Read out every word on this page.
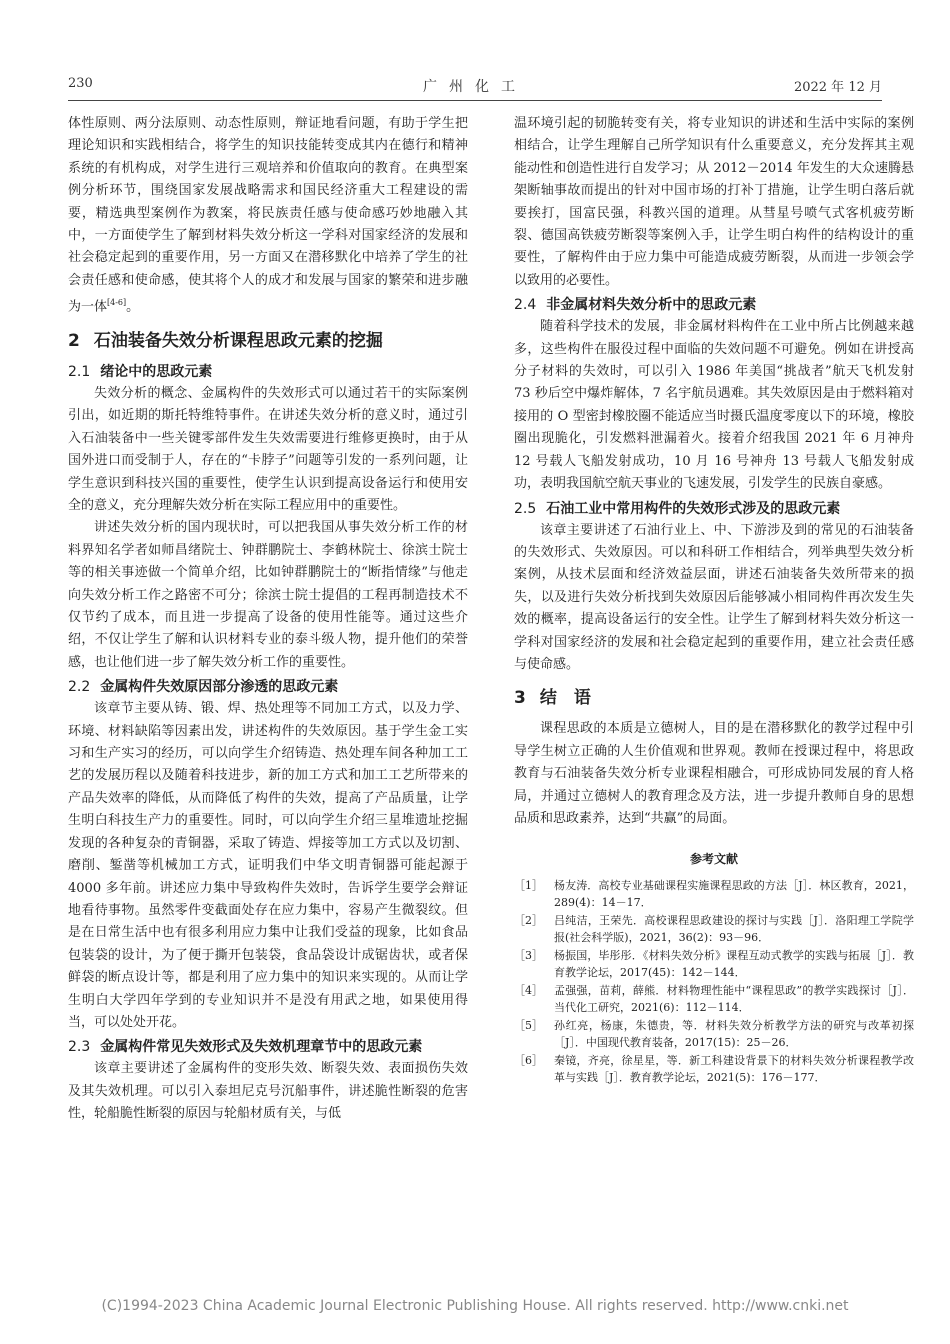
230	广州化工	2022 年 12 月

体性原则、两分法原则、动态性原则，辩证地看问题，有助于学生把理论知识和实践相结合，将学生的知识技能转变成其内在德行和精神系统的有机构成，对学生进行三观培养和价值取向的教育。在典型案例分析环节，围绕国家发展战略需求和国民经济重大工程建设的需要，精选典型案例作为教案，将民族责任感与使命感巧妙地融入其中，一方面使学生了解到材料失效分析这一学科对国家经济的发展和社会稳定起到的重要作用，另一方面又在潜移默化中培养了学生的社会责任感和使命感，使其将个人的成才和发展与国家的繁荣和进步融为一体[4-6]。

2 石油装备失效分析课程思政元素的挖掘
2.1 绪论中的思政元素

失效分析的概念、金属构件的失效形式可以通过若干的实际案例引出，如近期的斯托特维特事件。在讲述失效分析的意义时，通过引入石油装备中一些关键零部件发生失效需要进行维修更换时，由于从国外进口而受制于人，存在的“卡脖子”问题等引发的一系列问题，让学生意识到科技兴国的重要性，使学生认识到提高设备运行和使用安全的意义，充分理解失效分析在实际工程应用中的重要性。

讲述失效分析的国内现状时，可以把我国从事失效分析工作的材料界知名学者如师昌绪院士、钟群鹏院士、李鹤林院士、徐滨士院士等的相关事迹做一个简单介绍，比如钟群鹏院士的“断指情缘”与他走向失效分析工作之路密不可分；徐滨士院士提倡的工程再制造技术不仅节约了成本，而且进一步提高了设备的使用性能等。通过这些介绍，不仅让学生了解和认识材料专业的泰斗级人物，提升他们的荣誉感，也让他们进一步了解失效分析工作的重要性。

2.2 金属构件失效原因部分渗透的思政元素

该章节主要从铸、锻、焊、热处理等不同加工方式，以及力学、环境、材料缺陷等因素出发，讲述构件的失效原因。基于学生金工实习和生产实习的经历，可以向学生介绍铸造、热处理车间各种加工工艺的发展历程以及随着科技进步，新的加工方式和加工工艺所带来的产品失效率的降低，从而降低了构件的失效，提高了产品质量，让学生明白科技生产力的重要性。同时，可以向学生介绍三星堆遗址挖掘发现的各种复杂的青铜器，采取了铸造、焊接等加工方式以及切割、磨削、錾凿等机械加工方式，证明我们中华文明青铜器可能起源于 4000 多年前。讲述应力集中导致构件失效时，告诉学生要学会辩证地看待事物。虽然零件变截面处存在应力集中，容易产生微裂纹。但是在日常生活中也有很多利用应力集中让我们受益的现象，比如食品包装袋的设计，为了便于撕开包装袋，食品袋设计成锯齿状，或者保鲜袋的断点设计等，都是利用了应力集中的知识来实现的。从而让学生明白大学四年学到的专业知识并不是没有用武之地，如果使用得当，可以处处开花。

2.3 金属构件常见失效形式及失效机理章节中的思政元素

该章主要讲述了金属构件的变形失效、断裂失效、表面损伤失效及其失效机理。可以引入泰坦尼克号沉船事件，讲述脆性断裂的危害性，轮船脆性断裂的原因与轮船材质有关，与低

温环境引起的韧脆转变有关，将专业知识的讲述和生活中实际的案例相结合，让学生理解自己所学知识有什么重要意义，充分发挥其主观能动性和创造性进行自发学习；从 2012－2014 年发生的大众速腾悬架断轴事故而提出的针对中国市场的打补丁措施，让学生明白落后就要挨打，国富民强，科教兴国的道理。从彗星号喷气式客机疲劳断裂、德国高铁疲劳断裂等案例入手，让学生明白构件的结构设计的重要性，了解构件由于应力集中可能造成疲劳断裂，从而进一步领会学以致用的必要性。

2.4 非金属材料失效分析中的思政元素

随着科学技术的发展，非金属材料构件在工业中所占比例越来越多，这些构件在服役过程中面临的失效问题不可避免。例如在讲授高分子材料的失效时，可以引入 1986 年美国“挑战者”航天飞机发射 73 秒后空中爆炸解体，7 名宇航员遇难。其失效原因是由于燃料箱对接用的 O 型密封橡胶圈不能适应当时摄氏温度零度以下的环境，橡胶圈出现脆化，引发燃料泄漏着火。接着介绍我国 2021 年 6 月神舟 12 号载人飞船发射成功，10 月 16 号神舟 13 号载人飞船发射成功，表明我国航空航天事业的飞速发展，引发学生的民族自豪感。

2.5 石油工业中常用构件的失效形式涉及的思政元素

该章主要讲述了石油行业上、中、下游涉及到的常见的石油装备的失效形式、失效原因。可以和科研工作相结合，列举典型失效分析案例，从技术层面和经济效益层面，讲述石油装备失效所带来的损失，以及进行失效分析找到失效原因后能够减小相同构件再次发生失效的概率，提高设备运行的安全性。让学生了解到材料失效分析这一学科对国家经济的发展和社会稳定起到的重要作用，建立社会责任感与使命感。

3 结　语

课程思政的本质是立德树人，目的是在潜移默化的教学过程中引导学生树立正确的人生价值观和世界观。教师在授课过程中，将思政教育与石油装备失效分析专业课程相融合，可形成协同发展的育人格局，并通过立德树人的教育理念及方法，进一步提升教师自身的思想品质和思政素养，达到“共赢”的局面。

参考文献
［1］ 杨友涛．高校专业基础课程实施课程思政的方法［J］．林区教育，2021，289(4)：14－17．
［2］ 吕纯洁，王荣先．高校课程思政建设的探讨与实践［J］．洛阳理工学院学报(社会科学版)，2021，36(2)：93－96．
［3］ 杨振国，毕彤彤．《材料失效分析》课程互动式教学的实践与拓展［J］．教育教学论坛，2017(45)：142－144．
［4］ 孟强强，苗莉，薛熊．材料物理性能中“课程思政”的教学实践探讨［J］．当代化工研究，2021(6)：112－114．
［5］ 孙红亮，杨康，朱德贵，等．材料失效分析教学方法的研究与改革初探［J］．中国现代教育装备，2017(15)：25－26．
［6］ 秦镜，齐亮，徐星星，等．新工科建设背景下的材料失效分析课程教学改革与实践［J］．教育教学论坛，2021(5)：176－177．
(C)1994-2023 China Academic Journal Electronic Publishing House. All rights reserved. http://www.cnki.net
